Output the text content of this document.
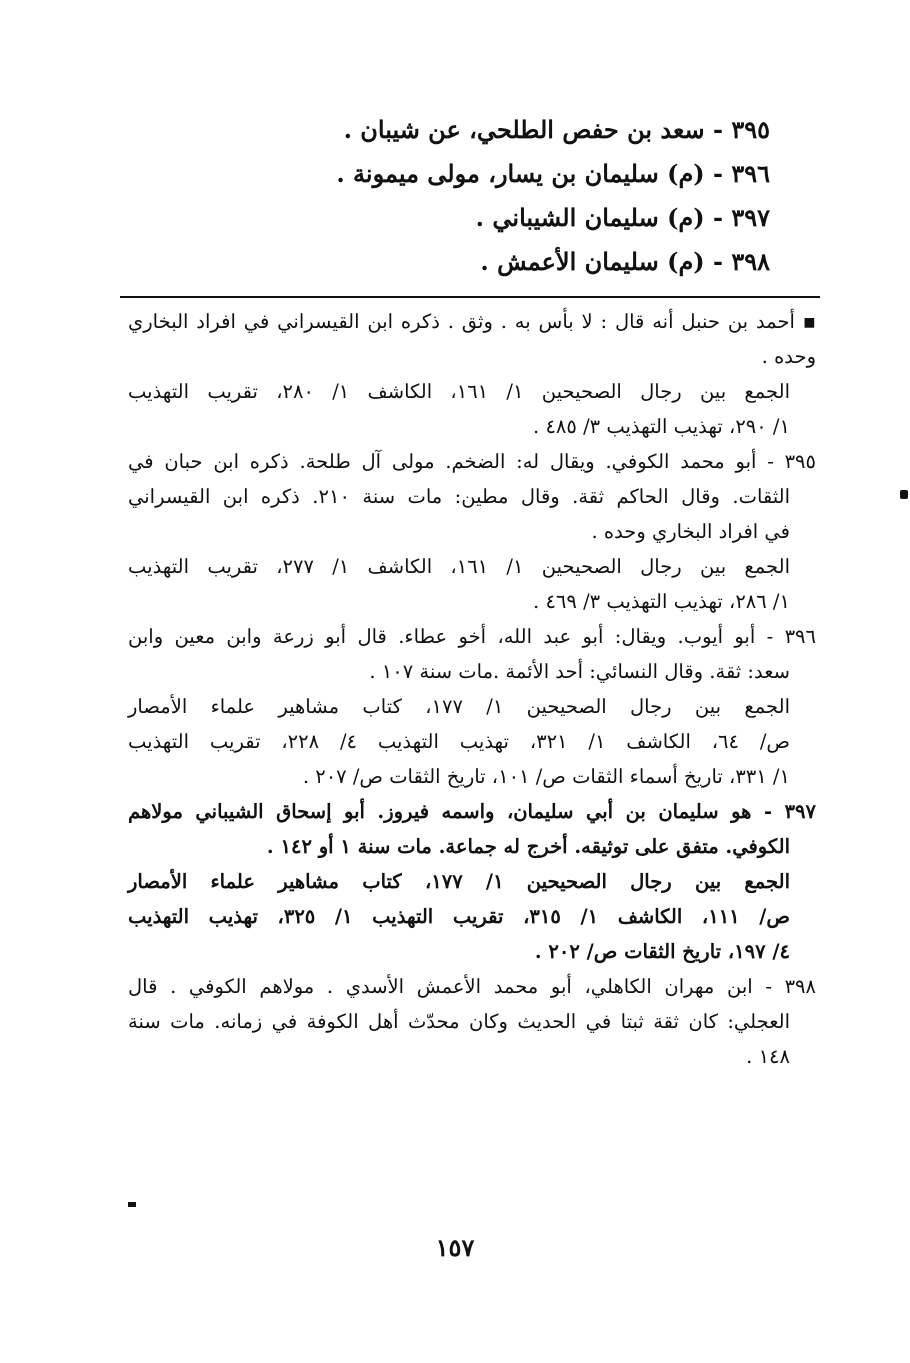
٣٩٥ - سعد بن حفص الطلحي، عن شيبان .
٣٩٦ - (م) سليمان بن يسار، مولى ميمونة .
٣٩٧ - (م) سليمان الشيباني .
٣٩٨ - (م) سليمان الأعمش .
▪ أحمد بن حنبل أنه قال : لا بأس به . وثق . ذكره ابن القيسراني في افراد البخاري
وحده .
الجمع بين رجال الصحيحين ١/ ١٦١، الكاشف ١/ ٢٨٠، تقريب التهذيب
١/ ٢٩٠، تهذيب التهذيب ٣/ ٤٨٥ .
٣٩٥ - أبو محمد الكوفي. ويقال له: الضخم. مولى آل طلحة. ذكره ابن حبان في
الثقات. وقال الحاكم ثقة. وقال مطين: مات سنة ٢١٠. ذكره ابن القيسراني
في افراد البخاري وحده .
الجمع بين رجال الصحيحين ١/ ١٦١، الكاشف ١/ ٢٧٧، تقريب التهذيب
١/ ٢٨٦، تهذيب التهذيب ٣/ ٤٦٩ .
٣٩٦ - أبو أيوب. ويقال: أبو عبد الله، أخو عطاء. قال أبو زرعة وابن معين وابن
سعد: ثقة. وقال النسائي: أحد الأئمة .مات سنة ١٠٧ .
الجمع بين رجال الصحيحين ١/ ١٧٧، كتاب مشاهير علماء الأمصار
ص/ ٦٤، الكاشف ١/ ٣٢١، تهذيب التهذيب ٤/ ٢٢٨، تقريب التهذيب
١/ ٣٣١، تاريخ أسماء الثقات ص/ ١٠١، تاريخ الثقات ص/ ٢٠٧ .
٣٩٧ - هو سليمان بن أبي سليمان، واسمه فيروز. أبو إسحاق الشيباني مولاهم
الكوفي. متفق على توثيقه. أخرج له جماعة. مات سنة ١ أو ١٤٢ .
الجمع بين رجال الصحيحين ١/ ١٧٧، كتاب مشاهير علماء الأمصار
ص/ ١١١، الكاشف ١/ ٣١٥، تقريب التهذيب ١/ ٣٢٥، تهذيب التهذيب
٤/ ١٩٧، تاريخ الثقات ص/ ٢٠٢ .
٣٩٨ - ابن مهران الكاهلي، أبو محمد الأعمش الأسدي . مولاهم الكوفي . قال
العجلي: كان ثقة ثبتا في الحديث وكان محدّث أهل الكوفة في زمانه. مات سنة
١٤٨ .
١٥٧
